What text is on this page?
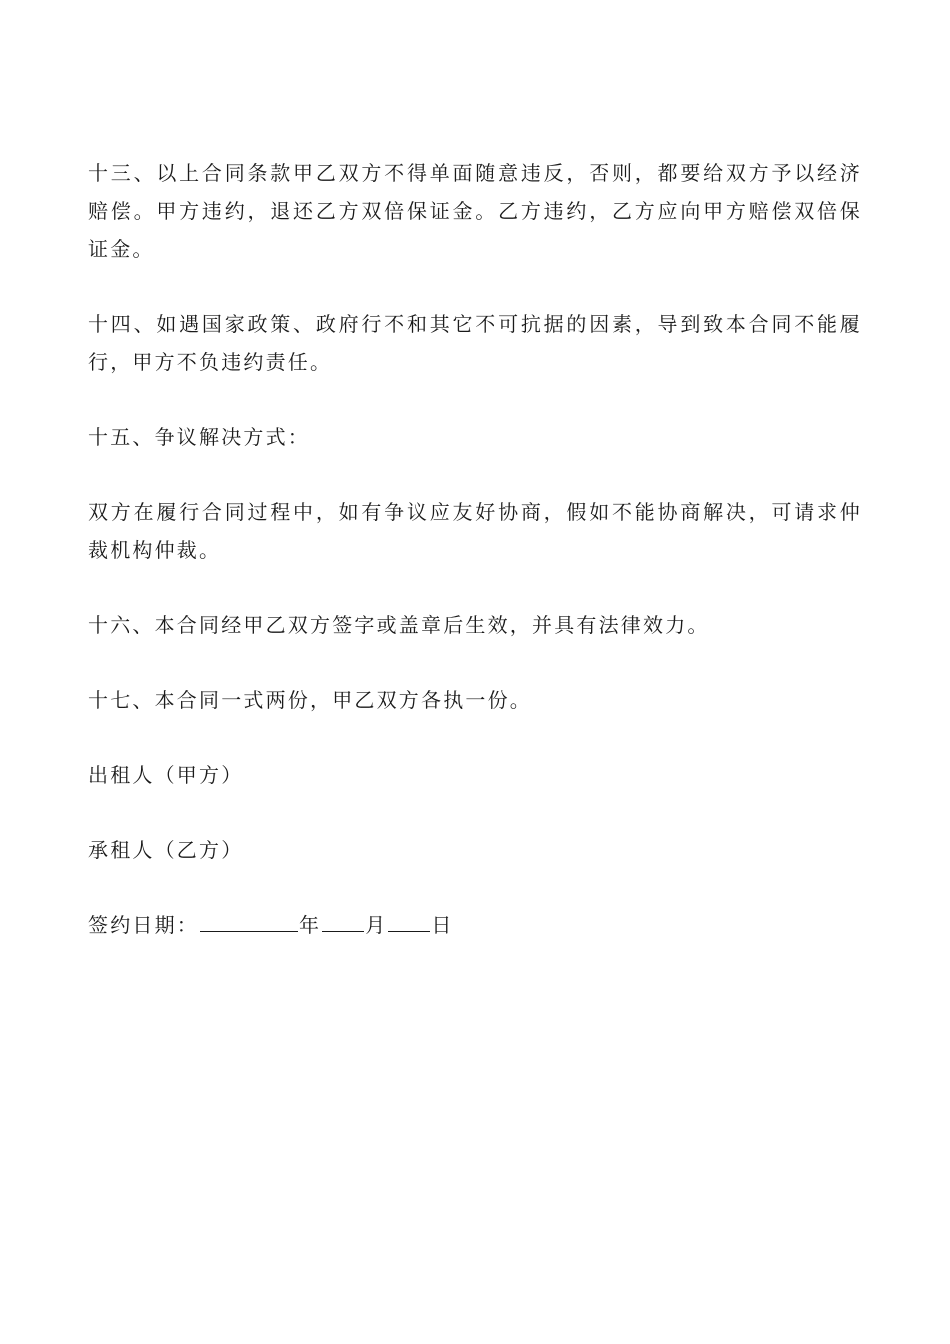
十三、以上合同条款甲乙双方不得单面随意违反，否则，都要给双方予以经济赔偿。甲方违约，退还乙方双倍保证金。乙方违约，乙方应向甲方赔偿双倍保证金。

十四、如遇国家政策、政府行不和其它不可抗据的因素，导到致本合同不能履行，甲方不负违约责任。

十五、争议解决方式：

双方在履行合同过程中，如有争议应友好协商，假如不能协商解决，可请求仲裁机构仲裁。

十六、本合同经甲乙双方签字或盖章后生效，并具有法律效力。

十七、本合同一式两份，甲乙双方各执一份。

出租人（甲方）

承租人（乙方）

签约日期：	年 月 日
